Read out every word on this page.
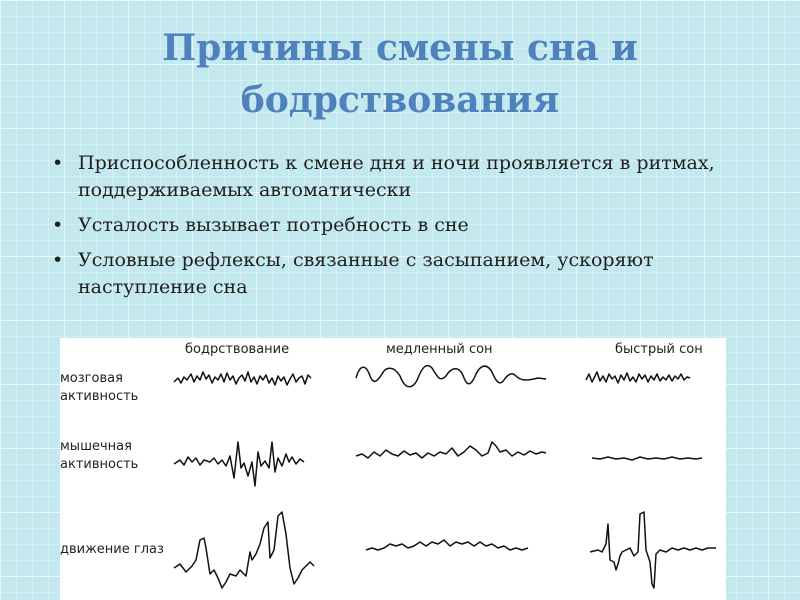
Причины смены сна и
бодрствования
• Приспособленность к смене дня и ночи проявляется в ритмах, поддерживаемых автоматически
• Усталость вызывает потребность в сне
• Условные рефлексы, связанные с засыпанием, ускоряют наступление сна
бодрствование	медленный сон	быстрый сон
мозговая
активность
мышечная
активность
движение глаз
